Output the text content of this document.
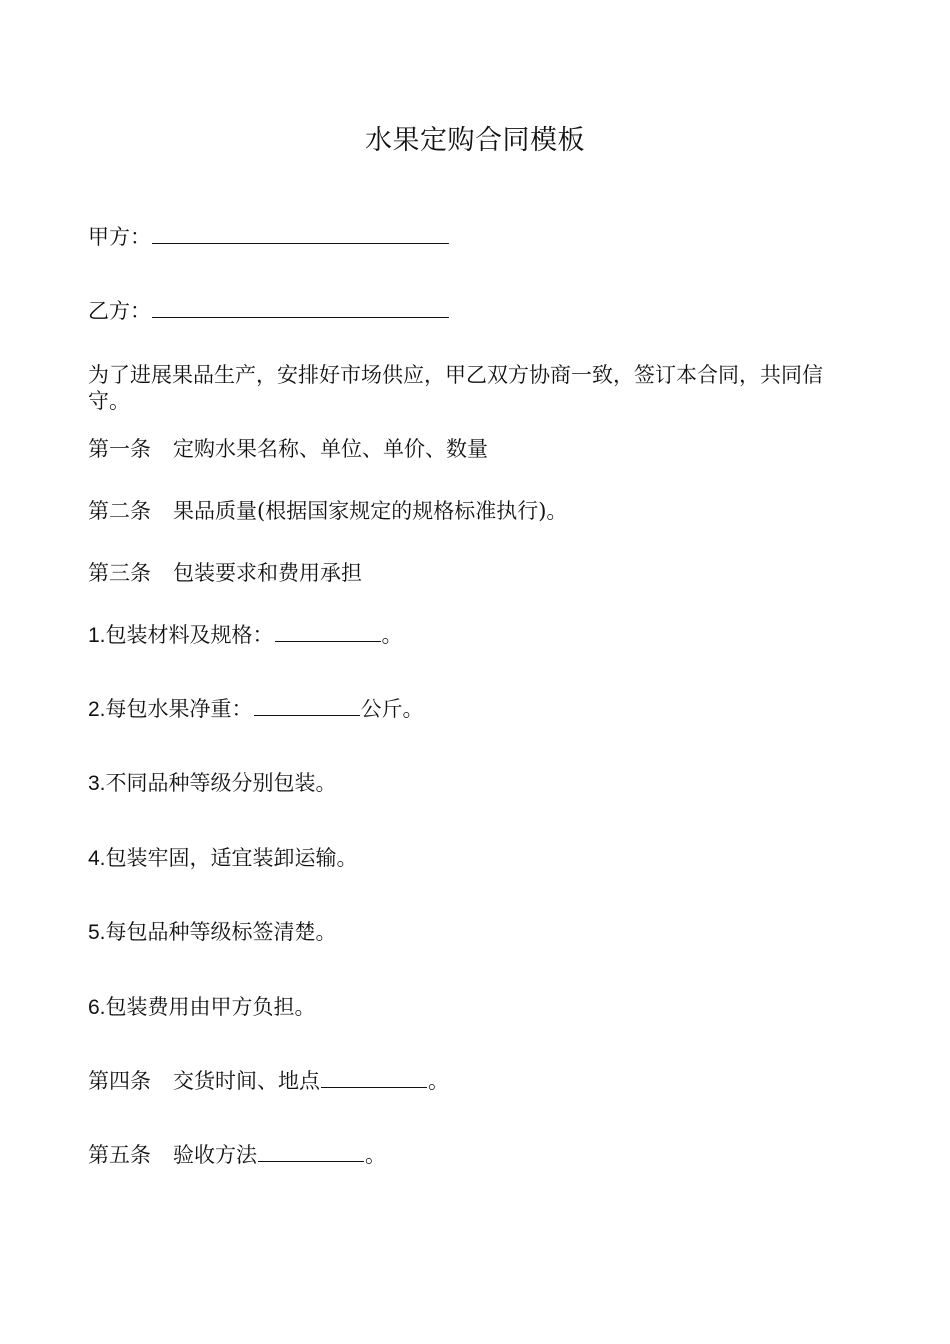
水果定购合同模板
甲方：
乙方：
为了进展果品生产，安排好市场供应，甲乙双方协商一致，签订本合同，共同信守。
第一条 定购水果名称、单位、单价、数量
第二条 果品质量(根据国家规定的规格标准执行)。
第三条 包装要求和费用承担
1.包装材料及规格：	。
2.每包水果净重：	公斤。
3.不同品种等级分别包装。
4.包装牢固，适宜装卸运输。
5.每包品种等级标签清楚。
6.包装费用由甲方负担。
第四条 交货时间、地点	。
第五条 验收方法	。
